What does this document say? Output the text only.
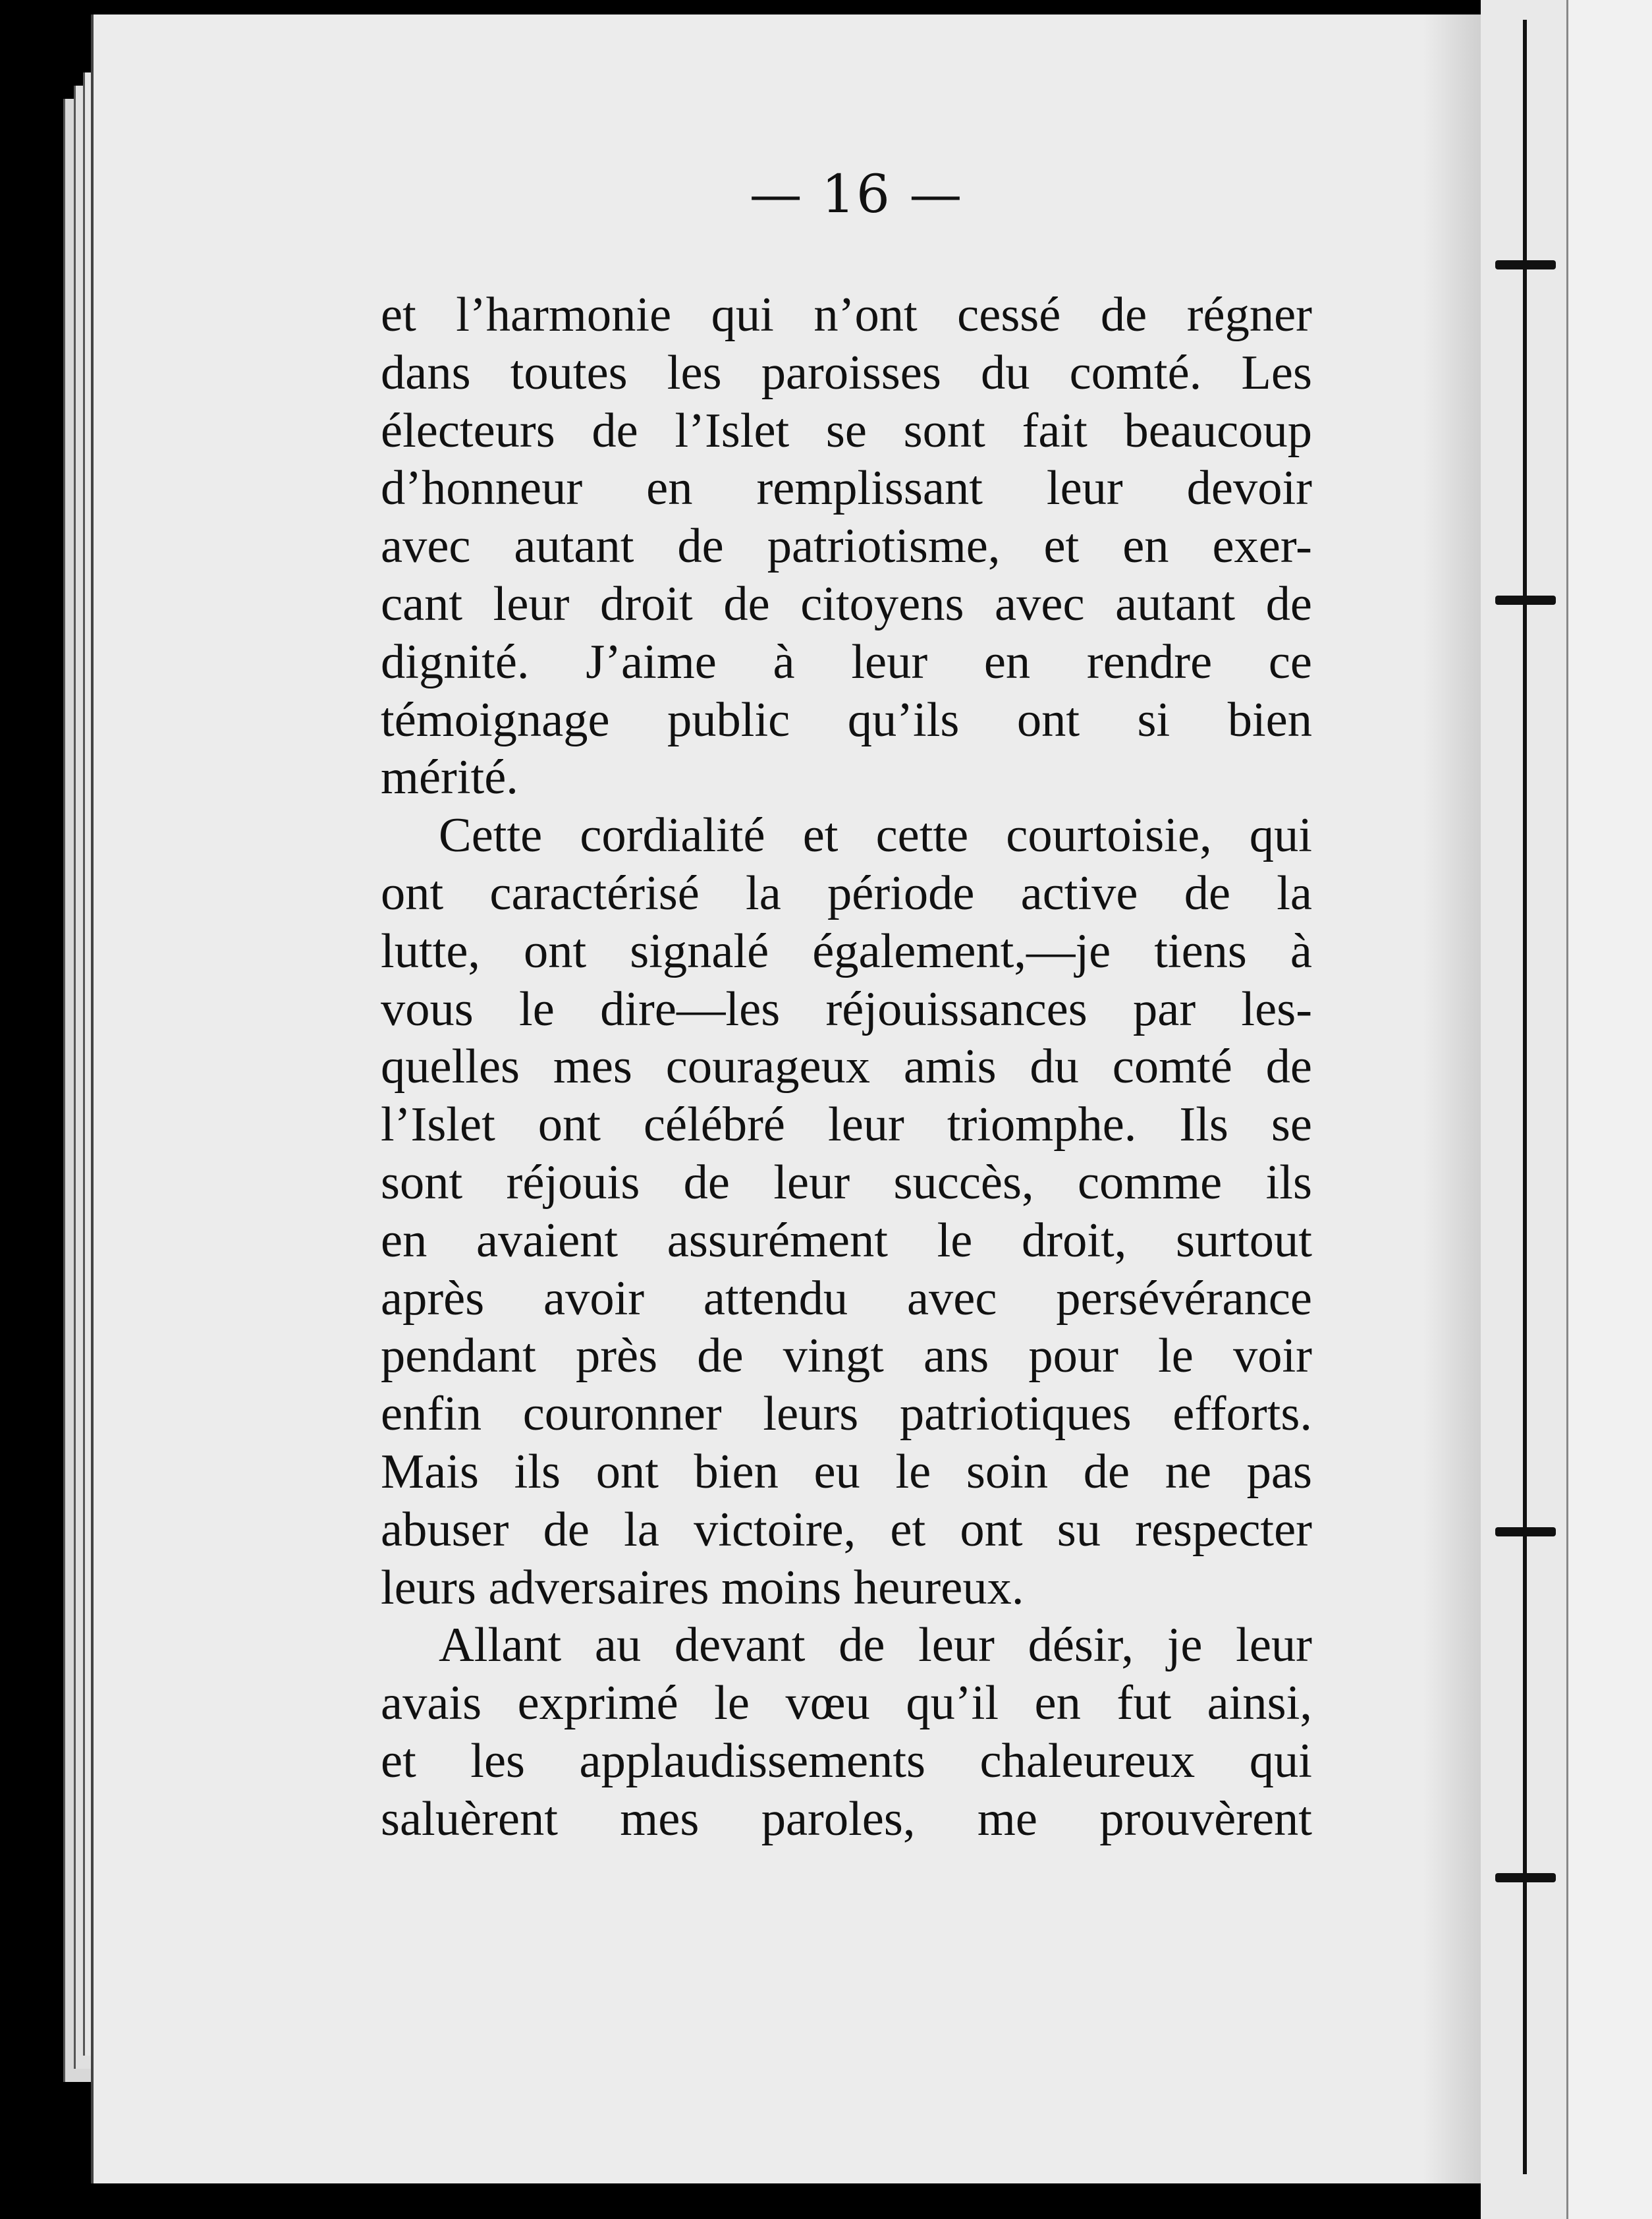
— 16 —
et l’harmonie qui n’ont cessé de régner
dans toutes les paroisses du comté. Les
électeurs de l’Islet se sont fait beaucoup
d’honneur en remplissant leur devoir
avec autant de patriotisme, et en exer-
cant leur droit de citoyens avec autant de
dignité. J’aime à leur en rendre ce
témoignage public qu’ils ont si bien
mérité.
Cette cordialité et cette courtoisie, qui
ont caractérisé la période active de la
lutte, ont signalé également,—je tiens à
vous le dire—les réjouissances par les-
quelles mes courageux amis du comté de
l’Islet ont célébré leur triomphe. Ils se
sont réjouis de leur succès, comme ils
en avaient assurément le droit, surtout
après avoir attendu avec persévérance
pendant près de vingt ans pour le voir
enfin couronner leurs patriotiques efforts.
Mais ils ont bien eu le soin de ne pas
abuser de la victoire, et ont su respecter
leurs adversaires moins heureux.
Allant au devant de leur désir, je leur
avais exprimé le vœu qu’il en fut ainsi,
et les applaudissements chaleureux qui
saluèrent mes paroles, me prouvèrent
